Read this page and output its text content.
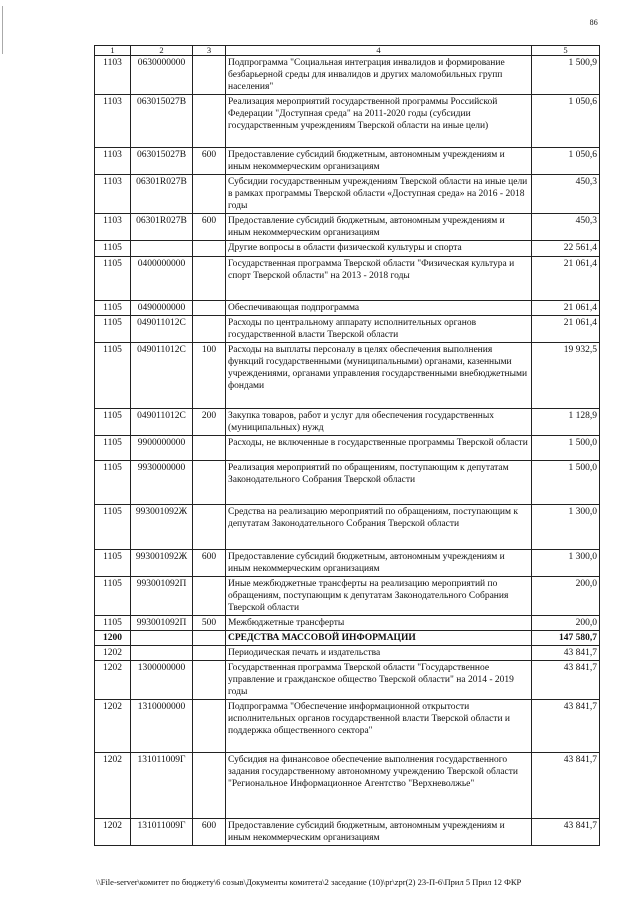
86
1	2	3	4	5
1103	0630000000		Подпрограмма "Социальная интеграция инвалидов и формирование безбарьерной среды для инвалидов и других маломобильных групп населения"	1 500,9
1103	063015027В		Реализация мероприятий государственной программы Российской Федерации "Доступная среда" на 2011-2020 годы (субсидии государственным учреждениям Тверской области на иные цели)	1 050,6
1103	063015027В	600	Предоставление субсидий бюджетным, автономным учреждениям и иным некоммерческим организациям	1 050,6
1103	06301R027В		Субсидии государственным учреждениям Тверской области на иные цели в рамках программы Тверской области «Доступная среда» на 2016 - 2018 годы	450,3
1103	06301R027В	600	Предоставление субсидий бюджетным, автономным учреждениям и иным некоммерческим организациям	450,3
1105			Другие вопросы в области физической культуры и спорта	22 561,4
1105	0400000000		Государственная программа Тверской области "Физическая культура и спорт Тверской области" на 2013 - 2018 годы	21 061,4
1105	0490000000		Обеспечивающая подпрограмма	21 061,4
1105	049011012С		Расходы по центральному аппарату исполнительных органов государственной власти Тверской области	21 061,4
1105	049011012С	100	Расходы на выплаты персоналу в целях обеспечения выполнения функций государственными (муниципальными) органами, казенными учреждениями, органами управления государственными внебюджетными фондами	19 932,5
1105	049011012С	200	Закупка товаров, работ и услуг для обеспечения государственных (муниципальных) нужд	1 128,9
1105	9900000000		Расходы, не включенные в государственные программы Тверской области	1 500,0
1105	9930000000		Реализация мероприятий по обращениям, поступающим к депутатам Законодательного Собрания Тверской области	1 500,0
1105	993001092Ж		Средства на реализацию мероприятий по обращениям, поступающим к депутатам Законодательного Собрания Тверской области	1 300,0
1105	993001092Ж	600	Предоставление субсидий бюджетным, автономным учреждениям и иным некоммерческим организациям	1 300,0
1105	993001092П		Иные межбюджетные трансферты на реализацию мероприятий по обращениям, поступающим к депутатам Законодательного Собрания Тверской области	200,0
1105	993001092П	500	Межбюджетные трансферты	200,0
1200			СРЕДСТВА МАССОВОЙ ИНФОРМАЦИИ	147 580,7
1202			Периодическая печать и издательства	43 841,7
1202	1300000000		Государственная программа Тверской области "Государственное управление и гражданское общество Тверской области" на 2014 - 2019 годы	43 841,7
1202	1310000000		Подпрограмма "Обеспечение информационной открытости исполнительных органов государственной власти Тверской области и поддержка общественного сектора"	43 841,7
1202	131011009Г		Субсидия на финансовое обеспечение выполнения государственного задания государственному автономному учреждению Тверской области "Региональное Информационное Агентство "Верхневолжье"	43 841,7
1202	131011009Г	600	Предоставление субсидий бюджетным, автономным учреждениям и иным некоммерческим организациям	43 841,7
\\File-server\комитет по бюджету\6 созыв\Документы комитета\2 заседание (10)\pr\zpr(2) 23-П-6\Прил 5 Прил 12 ФКР
